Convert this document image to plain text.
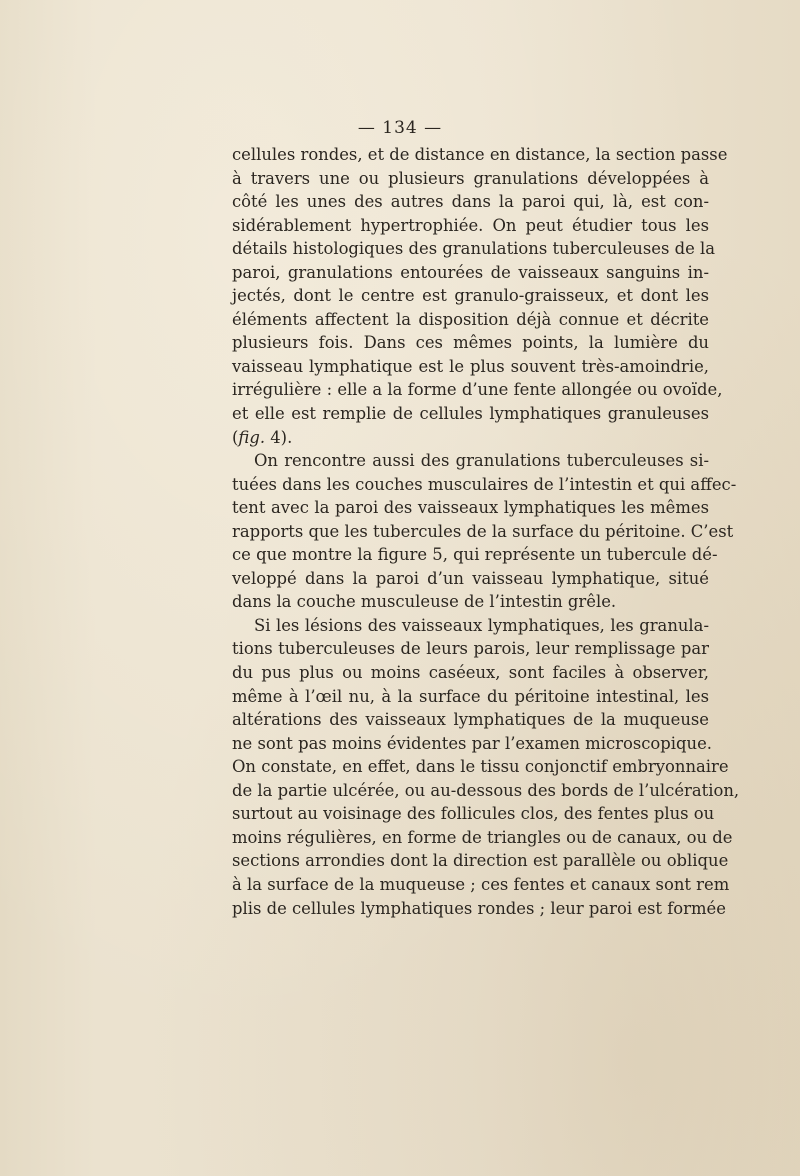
— 134 —
cellules rondes, et de distance en distance, la section passe
à travers une ou plusieurs granulations développées à
côté les unes des autres dans la paroi qui, là, est con-
sidérablement hypertrophiée. On peut étudier tous les
détails histologiques des granulations tuberculeuses de la
paroi, granulations entourées de vaisseaux sanguins in-
jectés, dont le centre est granulo-graisseux, et dont les
éléments affectent la disposition déjà connue et décrite
plusieurs fois. Dans ces mêmes points, la lumière du
vaisseau lymphatique est le plus souvent très-amoindrie,
irrégulière : elle a la forme d’une fente allongée ou ovoïde,
et elle est remplie de cellules lymphatiques granuleuses
(fig. 4).
On rencontre aussi des granulations tuberculeuses si-
tuées dans les couches musculaires de l’intestin et qui affec-
tent avec la paroi des vaisseaux lymphatiques les mêmes
rapports que les tubercules de la surface du péritoine. C’est
ce que montre la figure 5, qui représente un tubercule dé-
veloppé dans la paroi d’un vaisseau lymphatique, situé
dans la couche musculeuse de l’intestin grêle.
Si les lésions des vaisseaux lymphatiques, les granula-
tions tuberculeuses de leurs parois, leur remplissage par
du pus plus ou moins caséeux, sont faciles à observer,
même à l’œil nu, à la surface du péritoine intestinal, les
altérations des vaisseaux lymphatiques de la muqueuse
ne sont pas moins évidentes par l’examen microscopique.
On constate, en effet, dans le tissu conjonctif embryonnaire
de la partie ulcérée, ou au-dessous des bords de l’ulcération,
surtout au voisinage des follicules clos, des fentes plus ou
moins régulières, en forme de triangles ou de canaux, ou de
sections arrondies dont la direction est parallèle ou oblique
à la surface de la muqueuse ; ces fentes et canaux sont rem
plis de cellules lymphatiques rondes ; leur paroi est formée
